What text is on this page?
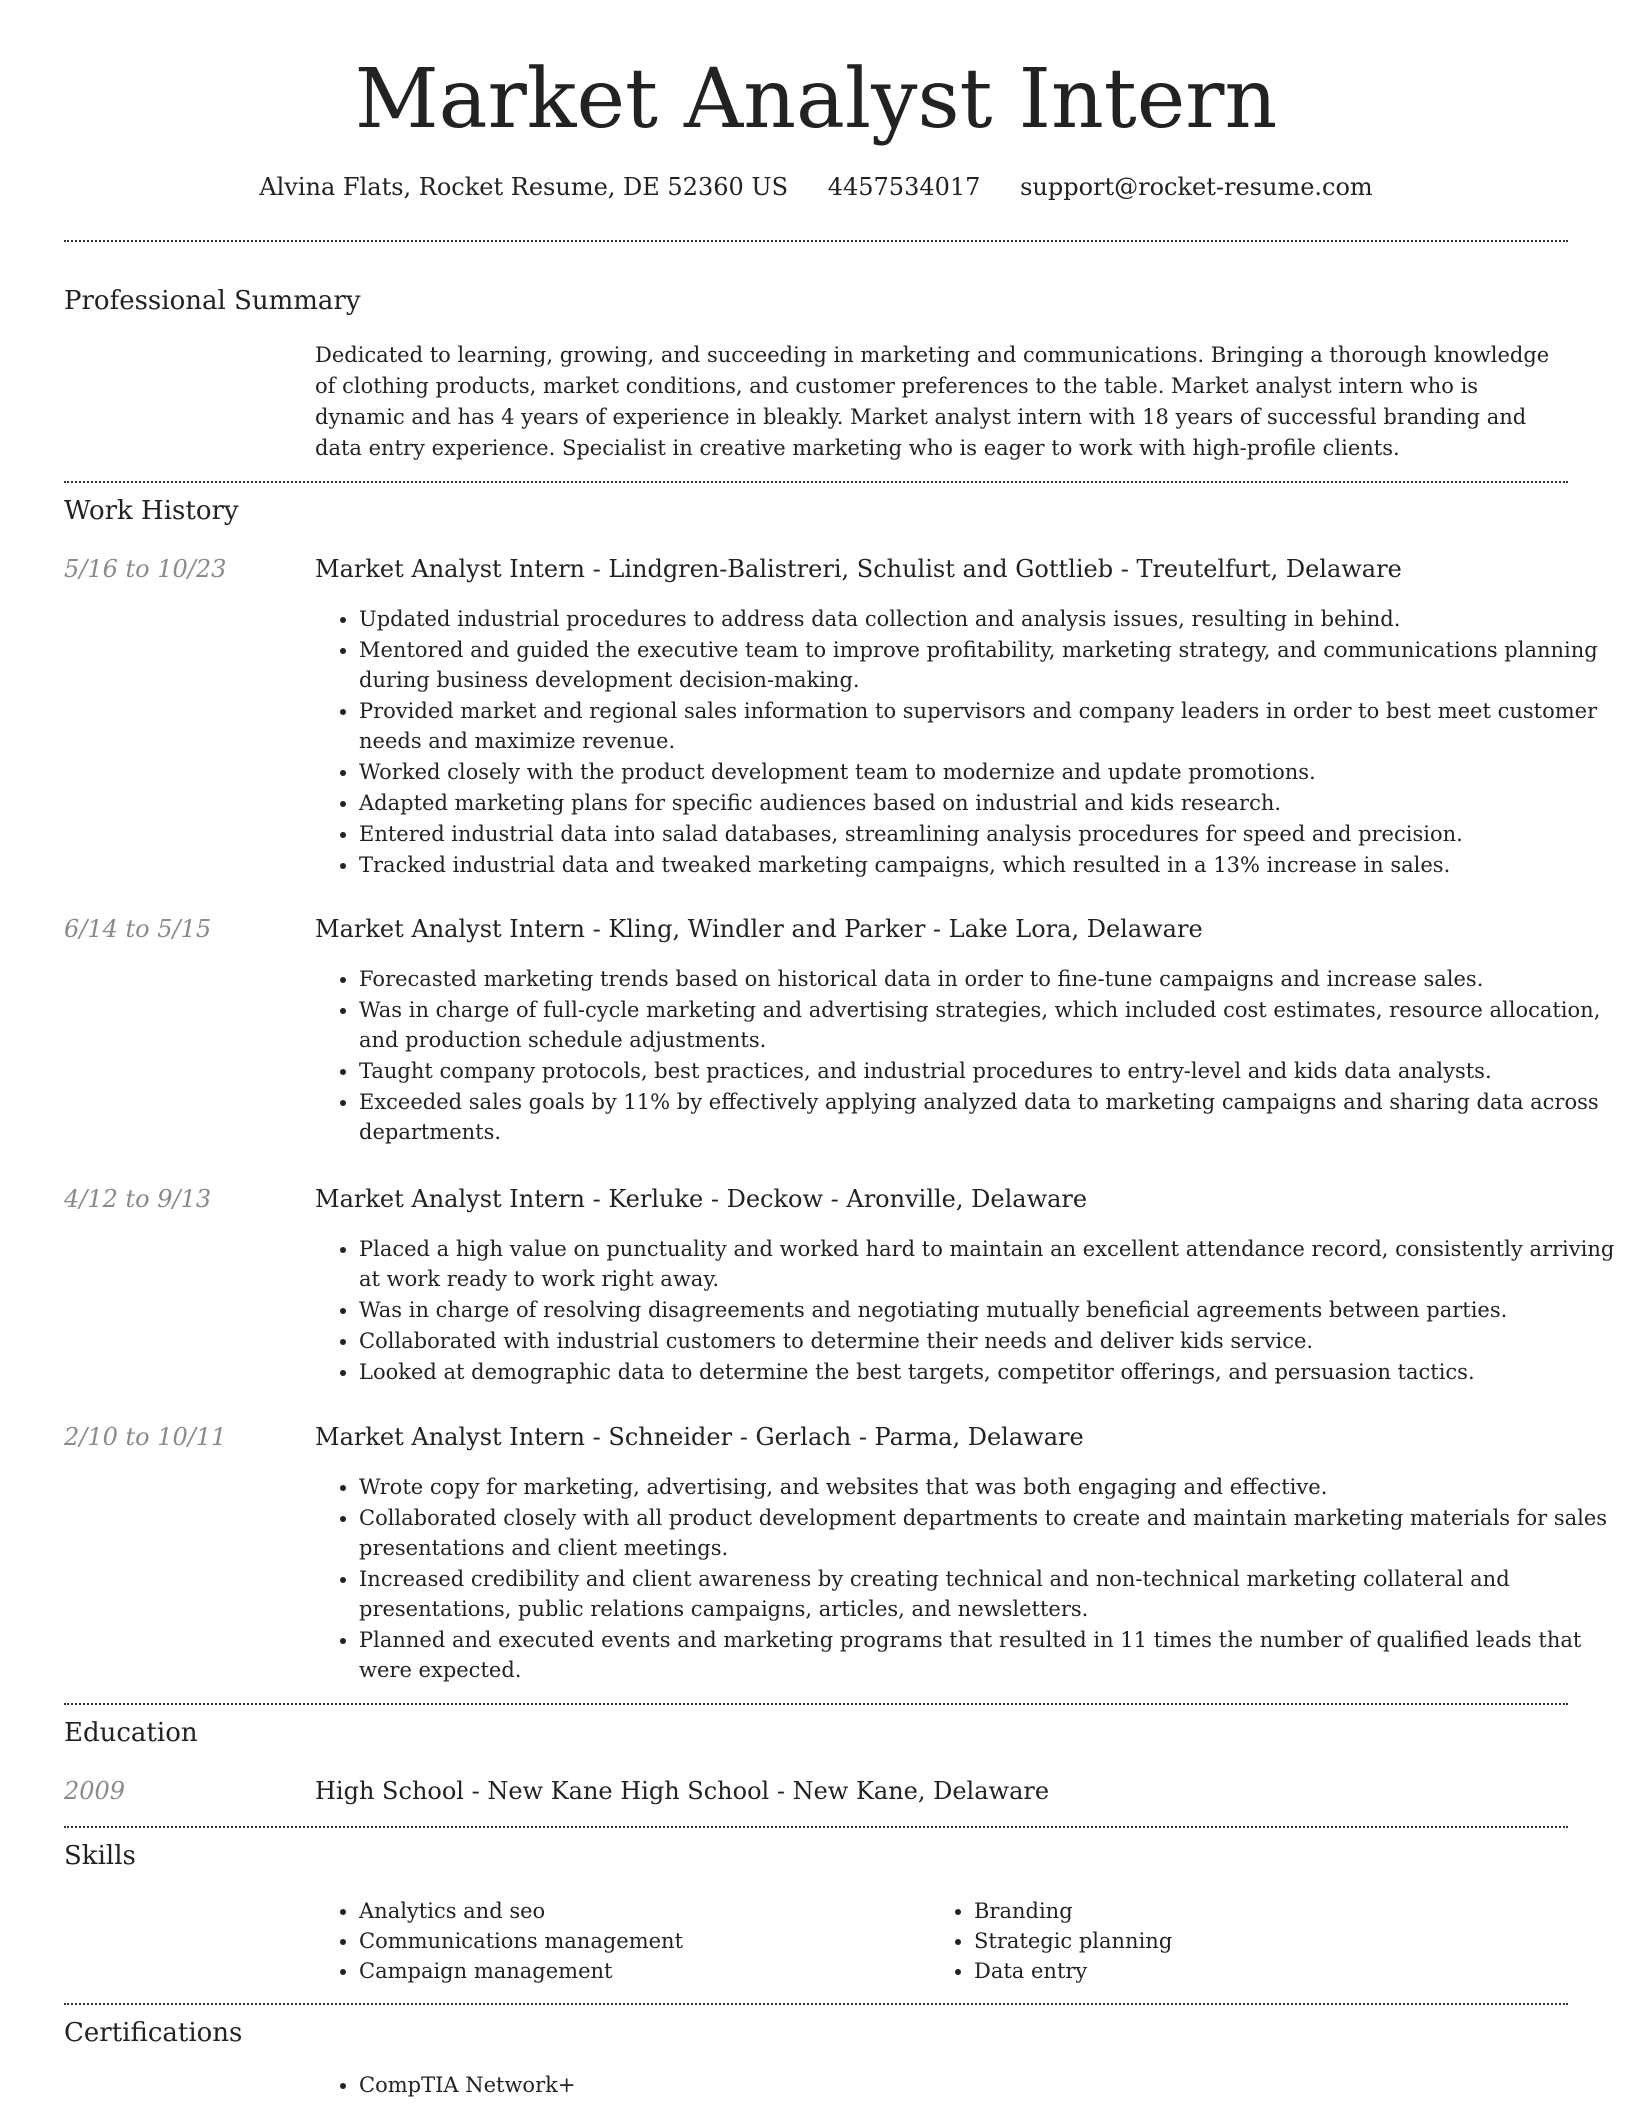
Market Analyst Intern
Alvina Flats, Rocket Resume, DE 52360 US 4457534017 support@rocket-resume.com
Professional Summary
Dedicated to learning, growing, and succeeding in marketing and communications. Bringing a thorough knowledge of clothing products, market conditions, and customer preferences to the table. Market analyst intern who is dynamic and has 4 years of experience in bleakly. Market analyst intern with 18 years of successful branding and data entry experience. Specialist in creative marketing who is eager to work with high-profile clients.
Work History
5/16 to 10/23	Market Analyst Intern - Lindgren-Balistreri, Schulist and Gottlieb - Treutelfurt, Delaware
• Updated industrial procedures to address data collection and analysis issues, resulting in behind.
• Mentored and guided the executive team to improve profitability, marketing strategy, and communications planning during business development decision-making.
• Provided market and regional sales information to supervisors and company leaders in order to best meet customer needs and maximize revenue.
• Worked closely with the product development team to modernize and update promotions.
• Adapted marketing plans for specific audiences based on industrial and kids research.
• Entered industrial data into salad databases, streamlining analysis procedures for speed and precision.
• Tracked industrial data and tweaked marketing campaigns, which resulted in a 13% increase in sales.
6/14 to 5/15	Market Analyst Intern - Kling, Windler and Parker - Lake Lora, Delaware
• Forecasted marketing trends based on historical data in order to fine-tune campaigns and increase sales.
• Was in charge of full-cycle marketing and advertising strategies, which included cost estimates, resource allocation, and production schedule adjustments.
• Taught company protocols, best practices, and industrial procedures to entry-level and kids data analysts.
• Exceeded sales goals by 11% by effectively applying analyzed data to marketing campaigns and sharing data across departments.
4/12 to 9/13	Market Analyst Intern - Kerluke - Deckow - Aronville, Delaware
• Placed a high value on punctuality and worked hard to maintain an excellent attendance record, consistently arriving at work ready to work right away.
• Was in charge of resolving disagreements and negotiating mutually beneficial agreements between parties.
• Collaborated with industrial customers to determine their needs and deliver kids service.
• Looked at demographic data to determine the best targets, competitor offerings, and persuasion tactics.
2/10 to 10/11	Market Analyst Intern - Schneider - Gerlach - Parma, Delaware
• Wrote copy for marketing, advertising, and websites that was both engaging and effective.
• Collaborated closely with all product development departments to create and maintain marketing materials for sales presentations and client meetings.
• Increased credibility and client awareness by creating technical and non-technical marketing collateral and presentations, public relations campaigns, articles, and newsletters.
• Planned and executed events and marketing programs that resulted in 11 times the number of qualified leads that were expected.
Education
2009	High School - New Kane High School - New Kane, Delaware
Skills
• Analytics and seo
• Communications management
• Campaign management
• Branding
• Strategic planning
• Data entry
Certifications
• CompTIA Network+
